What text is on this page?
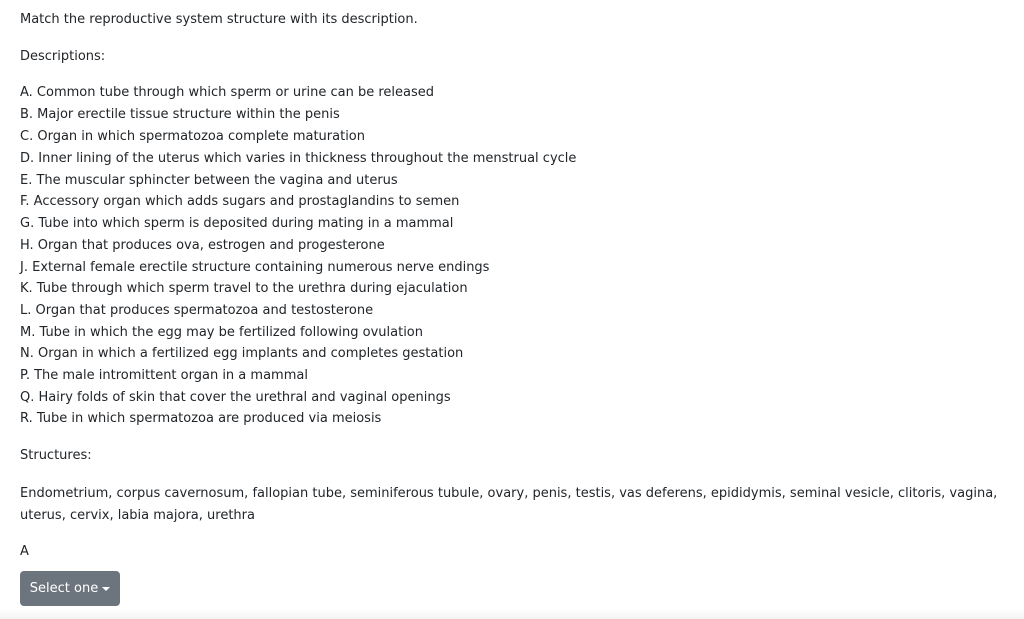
Match the reproductive system structure with its description.
Descriptions:
A. Common tube through which sperm or urine can be released
B. Major erectile tissue structure within the penis
C. Organ in which spermatozoa complete maturation
D. Inner lining of the uterus which varies in thickness throughout the menstrual cycle
E. The muscular sphincter between the vagina and uterus
F. Accessory organ which adds sugars and prostaglandins to semen
G. Tube into which sperm is deposited during mating in a mammal
H. Organ that produces ova, estrogen and progesterone
J. External female erectile structure containing numerous nerve endings
K. Tube through which sperm travel to the urethra during ejaculation
L. Organ that produces spermatozoa and testosterone
M. Tube in which the egg may be fertilized following ovulation
N. Organ in which a fertilized egg implants and completes gestation
P. The male intromittent organ in a mammal
Q. Hairy folds of skin that cover the urethral and vaginal openings
R. Tube in which spermatozoa are produced via meiosis
Structures:
Endometrium, corpus cavernosum, fallopian tube, seminiferous tubule, ovary, penis, testis, vas deferens, epididymis, seminal vesicle, clitoris, vagina, uterus, cervix, labia majora, urethra
A
Select one
